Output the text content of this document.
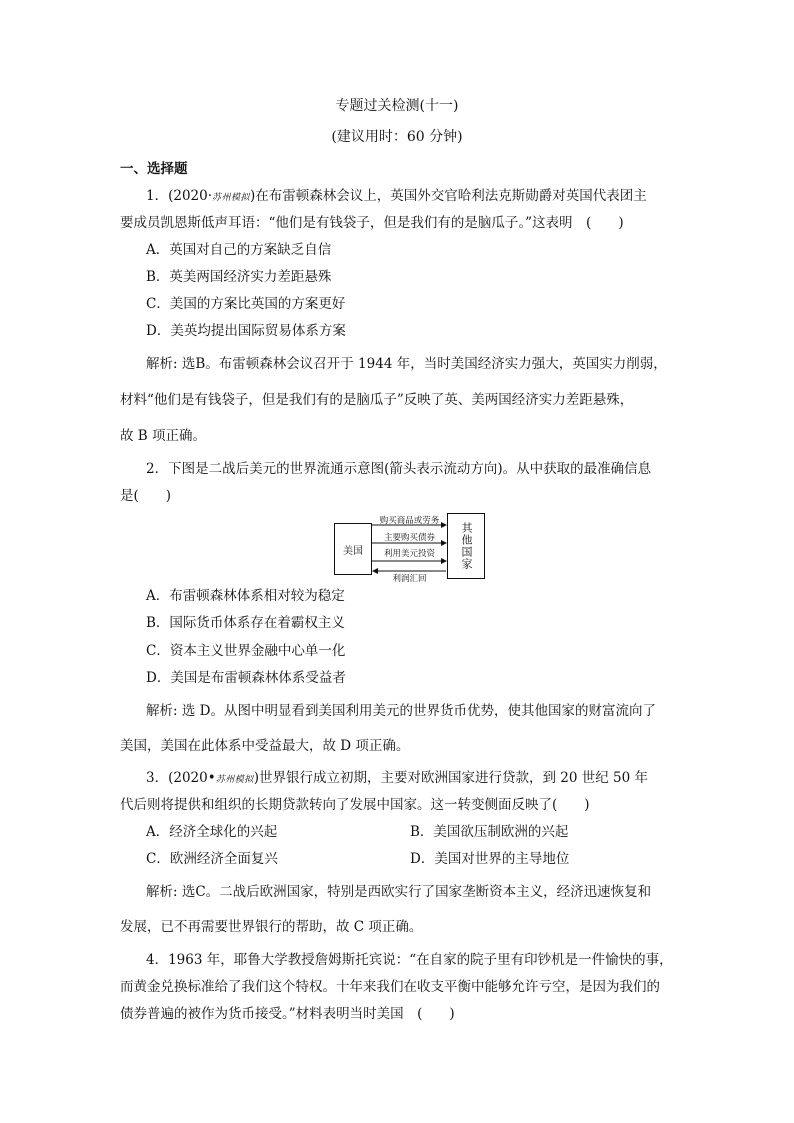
专题过关检测(十一)
(建议用时：60 分钟)
一、选择题
1．(2020·苏州模拟)在布雷顿森林会议上，英国外交官哈利法克斯勋爵对英国代表团主
要成员凯恩斯低声耳语：“他们是有钱袋子，但是我们有的是脑瓜子。”这表明　(　　)
A．英国对自己的方案缺乏自信
B．英美两国经济实力差距悬殊
C．美国的方案比英国的方案更好
D．美英均提出国际贸易体系方案
解析: 选B。布雷顿森林会议召开于 1944 年，当时美国经济实力强大，英国实力削弱，
材料“他们是有钱袋子，但是我们有的是脑瓜子”反映了英、美两国经济实力差距悬殊，
故 B 项正确。
2．下图是二战后美元的世界流通示意图(箭头表示流动方向)。从中获取的最准确信息
是(　　)
美国	其他国家
购买商品或劳务
主要购买债券
利用美元投资
利润汇回
A．布雷顿森林体系相对较为稳定
B．国际货币体系存在着霸权主义
C．资本主义世界金融中心单一化
D．美国是布雷顿森林体系受益者
解析: 选 D。从图中明显看到美国利用美元的世界货币优势，使其他国家的财富流向了
美国，美国在此体系中受益最大，故 D 项正确。
3．(2020•苏州模拟)世界银行成立初期，主要对欧洲国家进行贷款，到 20 世纪 50 年
代后则将提供和组织的长期贷款转向了发展中国家。这一转变侧面反映了(　　)
A．经济全球化的兴起	B．美国欲压制欧洲的兴起
C．欧洲经济全面复兴	D．美国对世界的主导地位
解析: 选C。二战后欧洲国家，特别是西欧实行了国家垄断资本主义，经济迅速恢复和
发展，已不再需要世界银行的帮助，故 C 项正确。
4．1963 年，耶鲁大学教授詹姆斯托宾说：“在自家的院子里有印钞机是一件愉快的事，
而黄金兑换标准给了我们这个特权。十年来我们在收支平衡中能够允许亏空，是因为我们的
债券普遍的被作为货币接受。”材料表明当时美国　(　　)
